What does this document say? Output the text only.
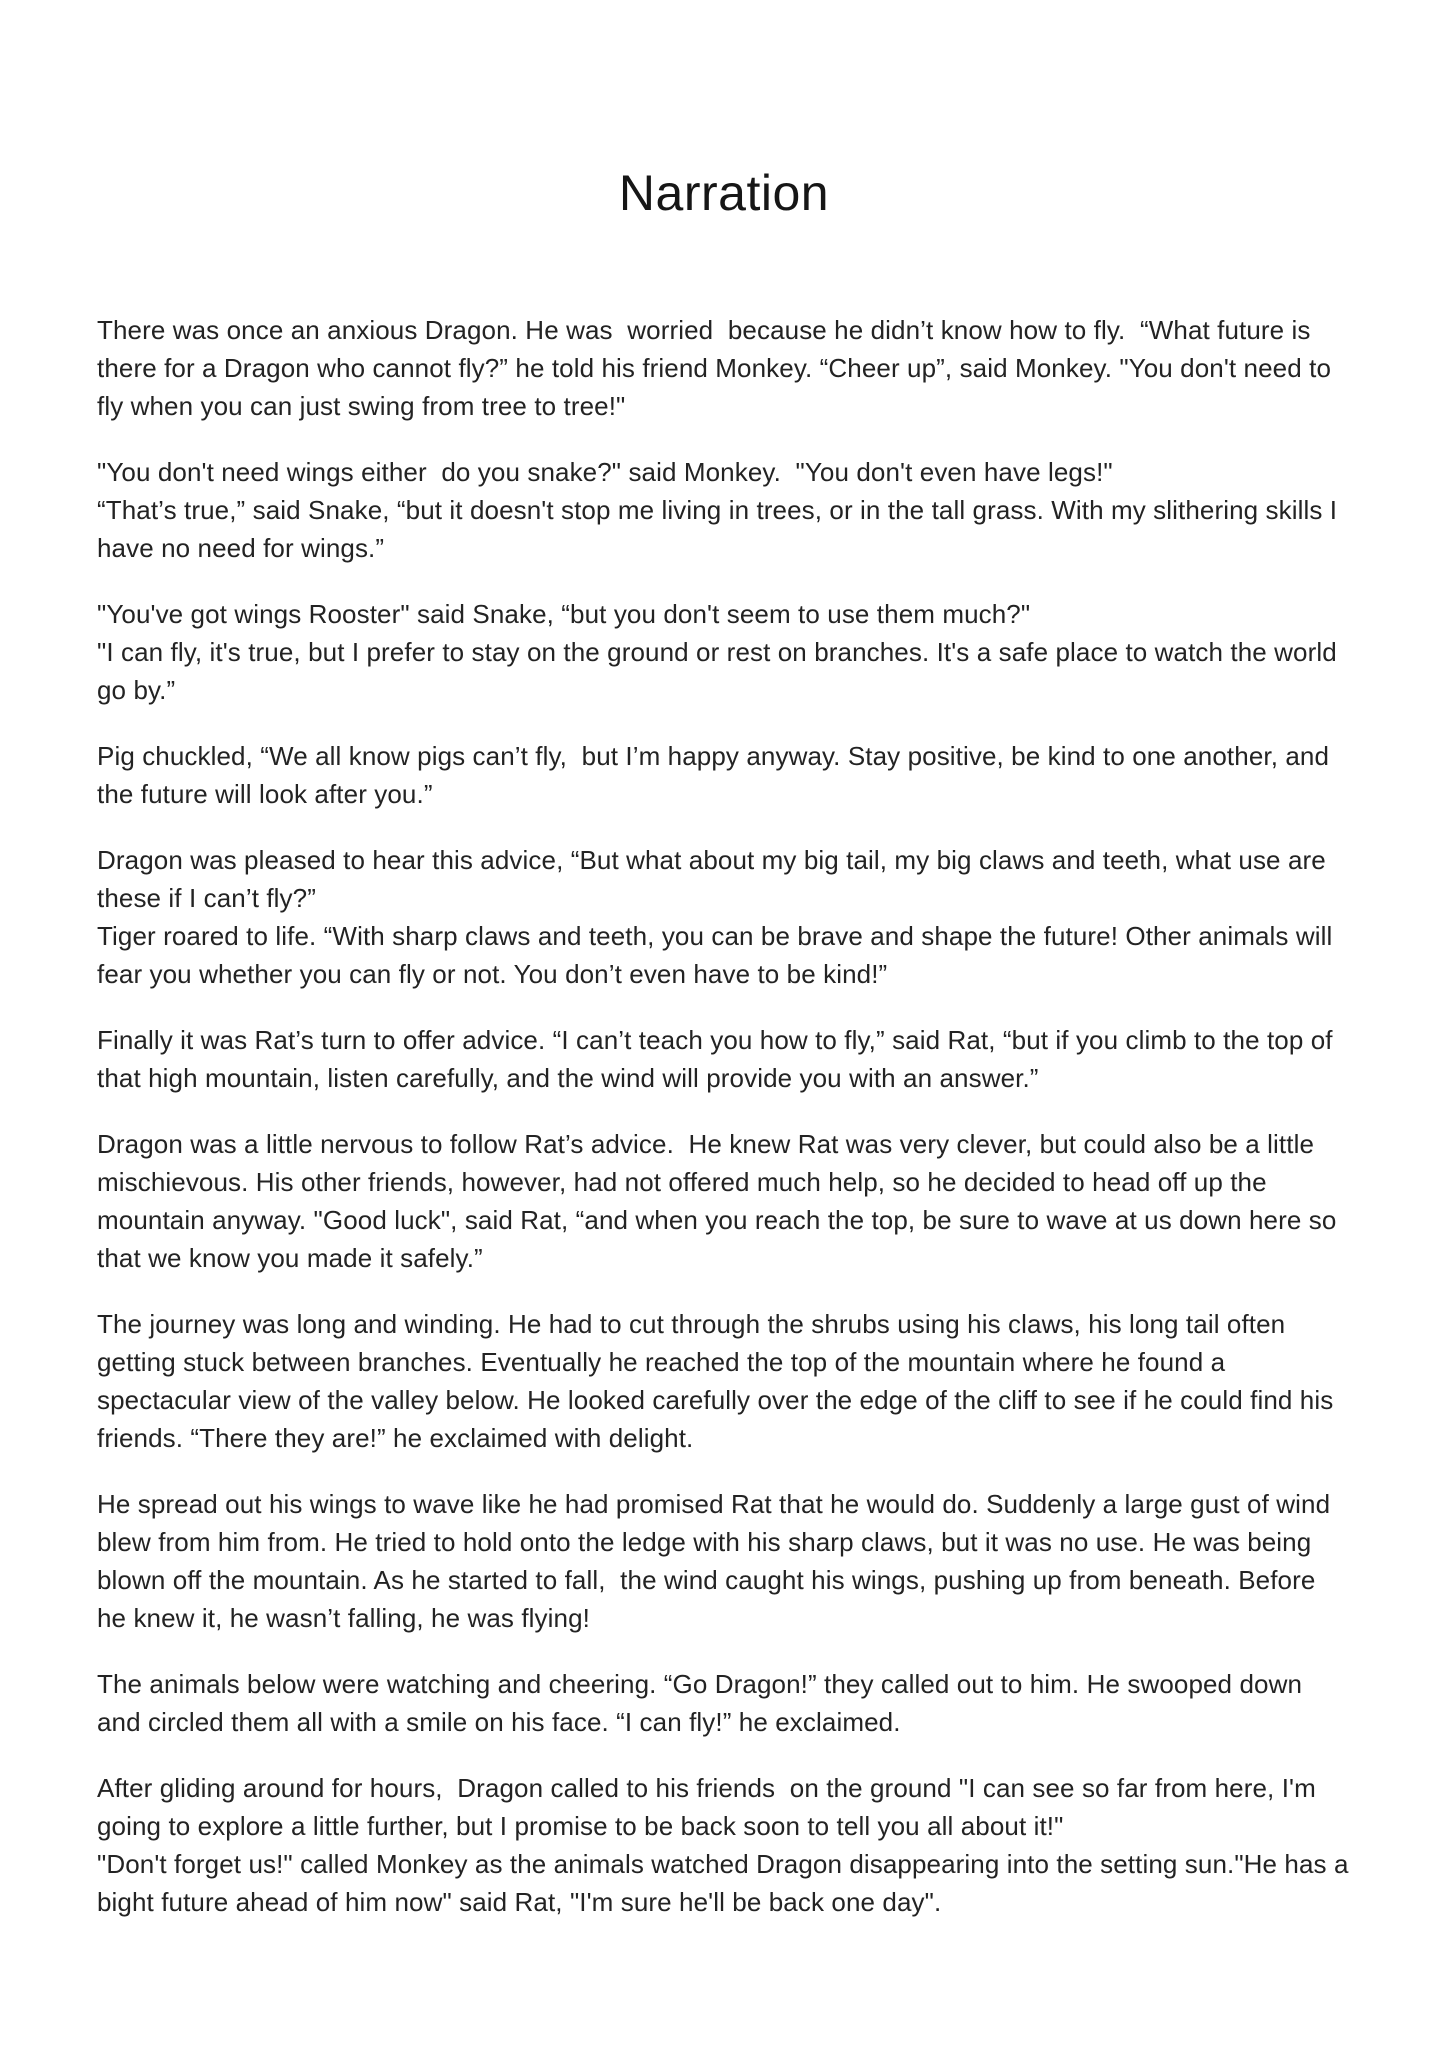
Narration

There was once an anxious Dragon. He was  worried  because he didn’t know how to fly.  “What future is there for a Dragon who cannot fly?” he told his friend Monkey. “Cheer up”, said Monkey. "You don't need to fly when you can just swing from tree to tree!"

"You don't need wings either  do you snake?" said Monkey.  "You don't even have legs!"
“That’s true,” said Snake, “but it doesn't stop me living in trees, or in the tall grass. With my slithering skills I have no need for wings.”

"You've got wings Rooster" said Snake, “but you don't seem to use them much?"
"I can fly, it's true, but I prefer to stay on the ground or rest on branches. It's a safe place to watch the world go by.”

Pig chuckled, “We all know pigs can’t fly,  but I’m happy anyway. Stay positive, be kind to one another, and the future will look after you.”

Dragon was pleased to hear this advice, “But what about my big tail, my big claws and teeth, what use are these if I can’t fly?”
Tiger roared to life. “With sharp claws and teeth, you can be brave and shape the future! Other animals will fear you whether you can fly or not. You don’t even have to be kind!”

Finally it was Rat’s turn to offer advice. “I can’t teach you how to fly,” said Rat, “but if you climb to the top of that high mountain, listen carefully, and the wind will provide you with an answer.”

Dragon was a little nervous to follow Rat’s advice.  He knew Rat was very clever, but could also be a little mischievous. His other friends, however, had not offered much help, so he decided to head off up the mountain anyway. "Good luck", said Rat, “and when you reach the top, be sure to wave at us down here so that we know you made it safely.”

The journey was long and winding. He had to cut through the shrubs using his claws, his long tail often getting stuck between branches. Eventually he reached the top of the mountain where he found a spectacular view of the valley below. He looked carefully over the edge of the cliff to see if he could find his friends. “There they are!” he exclaimed with delight.

He spread out his wings to wave like he had promised Rat that he would do. Suddenly a large gust of wind blew from him from. He tried to hold onto the ledge with his sharp claws, but it was no use. He was being blown off the mountain. As he started to fall,  the wind caught his wings, pushing up from beneath. Before he knew it, he wasn’t falling, he was flying!

The animals below were watching and cheering. “Go Dragon!” they called out to him. He swooped down and circled them all with a smile on his face. “I can fly!” he exclaimed.

After gliding around for hours,  Dragon called to his friends  on the ground "I can see so far from here, I'm going to explore a little further, but I promise to be back soon to tell you all about it!"
"Don't forget us!" called Monkey as the animals watched Dragon disappearing into the setting sun."He has a bight future ahead of him now" said Rat, "I'm sure he'll be back one day".
